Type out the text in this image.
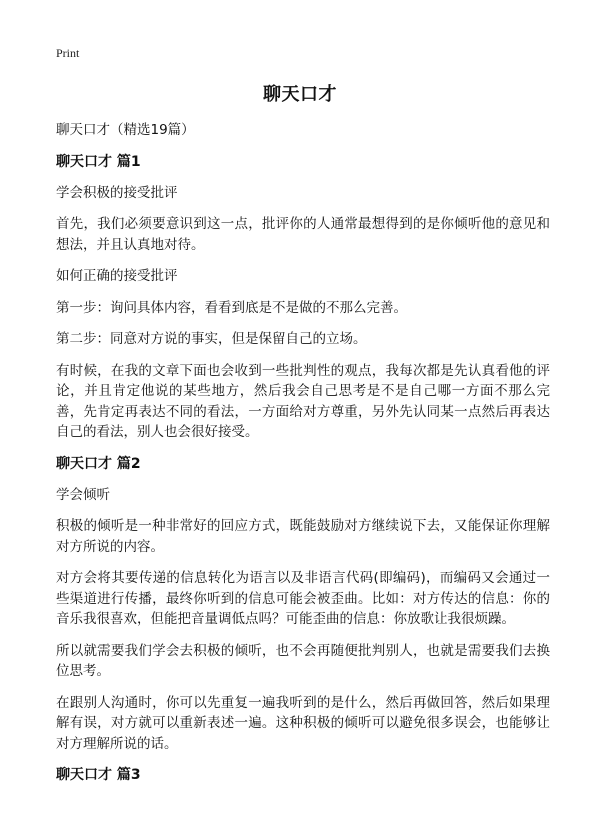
Print
聊天口才

聊天口才（精选19篇）

聊天口才 篇1

学会积极的接受批评

首先，我们必须要意识到这一点，批评你的人通常最想得到的是你倾听他的意见和想法，并且认真地对待。

如何正确的接受批评

第一步：询问具体内容，看看到底是不是做的不那么完善。

第二步：同意对方说的事实，但是保留自己的立场。

有时候，在我的文章下面也会收到一些批判性的观点，我每次都是先认真看他的评论，并且肯定他说的某些地方，然后我会自己思考是不是自己哪一方面不那么完善，先肯定再表达不同的看法，一方面给对方尊重，另外先认同某一点然后再表达自己的看法，别人也会很好接受。

聊天口才 篇2

学会倾听

积极的倾听是一种非常好的回应方式，既能鼓励对方继续说下去，又能保证你理解对方所说的内容。

对方会将其要传递的信息转化为语言以及非语言代码(即编码)，而编码又会通过一些渠道进行传播，最终你听到的信息可能会被歪曲。比如：对方传达的信息：你的音乐我很喜欢，但能把音量调低点吗？可能歪曲的信息：你放歌让我很烦躁。

所以就需要我们学会去积极的倾听，也不会再随便批判别人，也就是需要我们去换位思考。

在跟别人沟通时，你可以先重复一遍我听到的是什么，然后再做回答，然后如果理解有误，对方就可以重新表述一遍。这种积极的倾听可以避免很多误会，也能够让对方理解所说的话。

聊天口才 篇3
